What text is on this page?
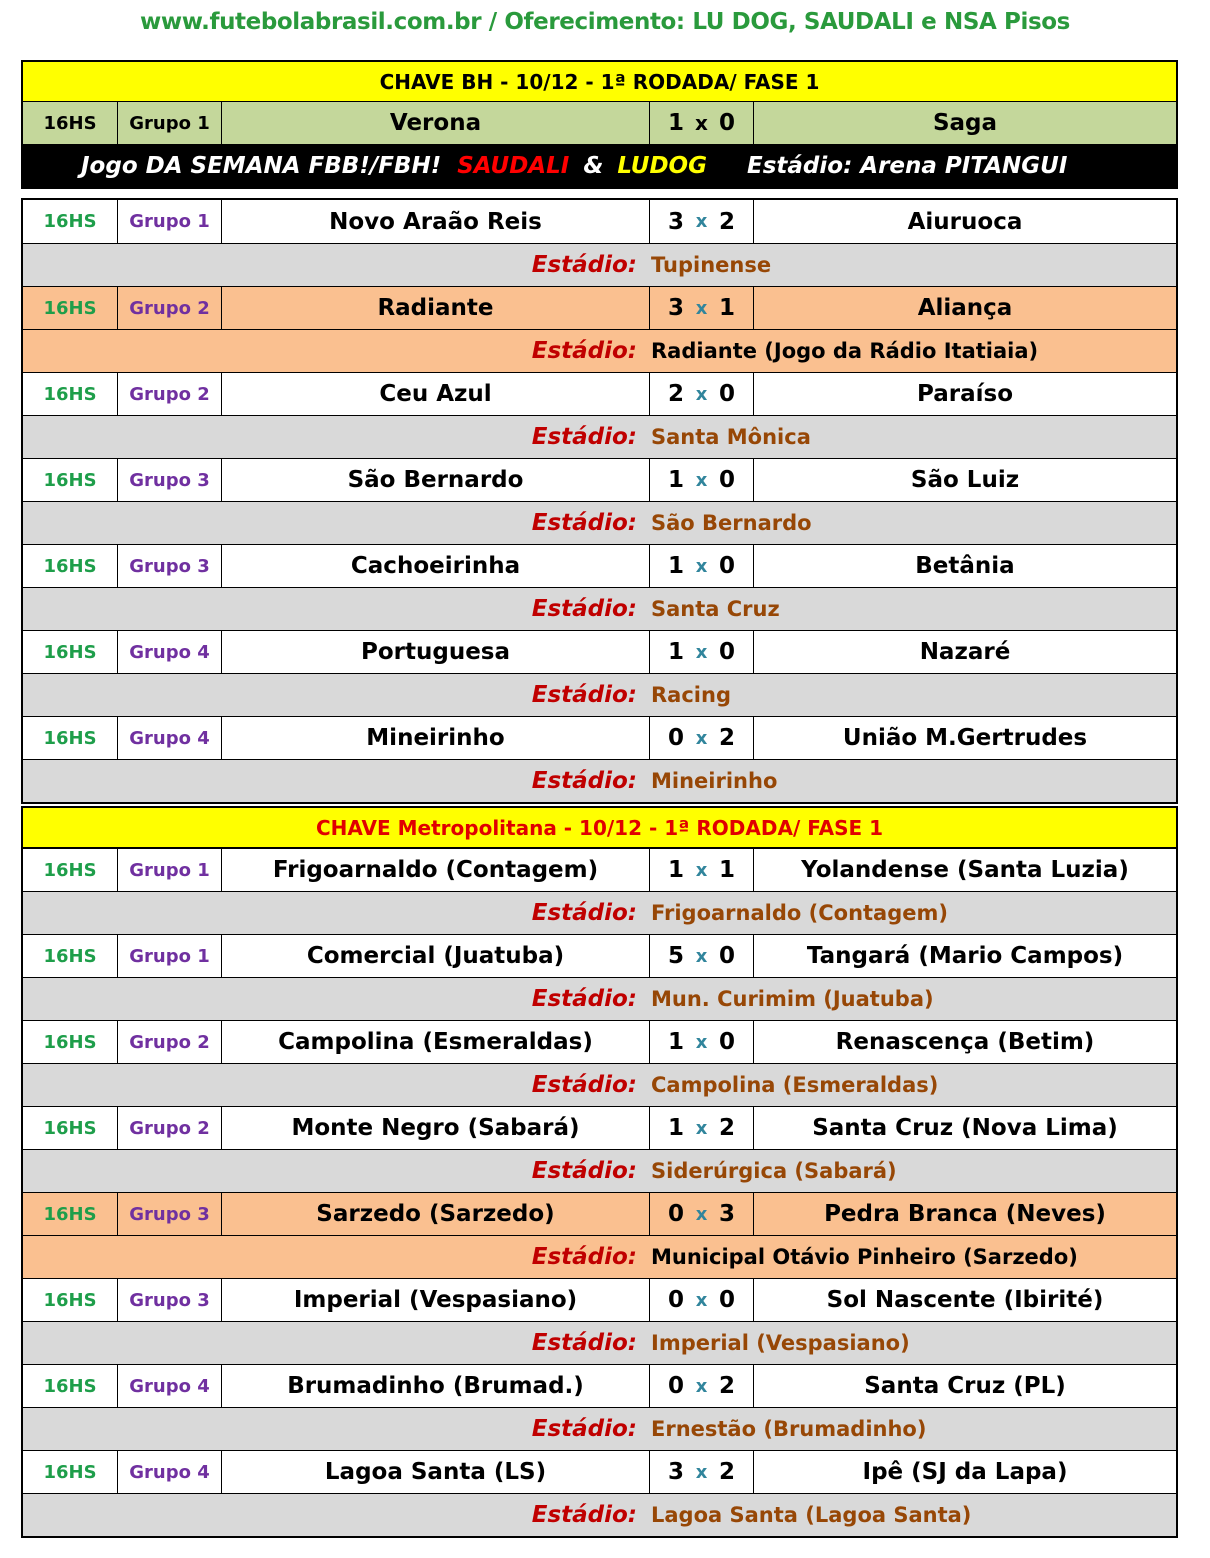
www.futebolabrasil.com.br / Oferecimento: LU DOG, SAUDALI e NSA Pisos
CHAVE BH - 10/12 - 1ª RODADA/ FASE 1
16HS	Grupo 1	Verona	1 x 0	Saga
Jogo DA SEMANA FBB!/FBH! SAUDALI & LUDOG Estádio: Arena PITANGUI
16HS	Grupo 1	Novo Araão Reis	3 x 2	Aiuruoca
Estádio: Tupinense
16HS	Grupo 2	Radiante	3 x 1	Aliança
Estádio: Radiante (Jogo da Rádio Itatiaia)
16HS	Grupo 2	Ceu Azul	2 x 0	Paraíso
Estádio: Santa Mônica
16HS	Grupo 3	São Bernardo	1 x 0	São Luiz
Estádio: São Bernardo
16HS	Grupo 3	Cachoeirinha	1 x 0	Betânia
Estádio: Santa Cruz
16HS	Grupo 4	Portuguesa	1 x 0	Nazaré
Estádio: Racing
16HS	Grupo 4	Mineirinho	0 x 2	União M.Gertrudes
Estádio: Mineirinho
CHAVE Metropolitana - 10/12 - 1ª RODADA/ FASE 1
16HS	Grupo 1	Frigoarnaldo (Contagem)	1 x 1	Yolandense (Santa Luzia)
Estádio: Frigoarnaldo (Contagem)
16HS	Grupo 1	Comercial (Juatuba)	5 x 0	Tangará (Mario Campos)
Estádio: Mun. Curimim (Juatuba)
16HS	Grupo 2	Campolina (Esmeraldas)	1 x 0	Renascença (Betim)
Estádio: Campolina (Esmeraldas)
16HS	Grupo 2	Monte Negro (Sabará)	1 x 2	Santa Cruz (Nova Lima)
Estádio: Siderúrgica (Sabará)
16HS	Grupo 3	Sarzedo (Sarzedo)	0 x 3	Pedra Branca (Neves)
Estádio: Municipal Otávio Pinheiro (Sarzedo)
16HS	Grupo 3	Imperial (Vespasiano)	0 x 0	Sol Nascente (Ibirité)
Estádio: Imperial (Vespasiano)
16HS	Grupo 4	Brumadinho (Brumad.)	0 x 2	Santa Cruz (PL)
Estádio: Ernestão (Brumadinho)
16HS	Grupo 4	Lagoa Santa (LS)	3 x 2	Ipê (SJ da Lapa)
Estádio: Lagoa Santa (Lagoa Santa)
